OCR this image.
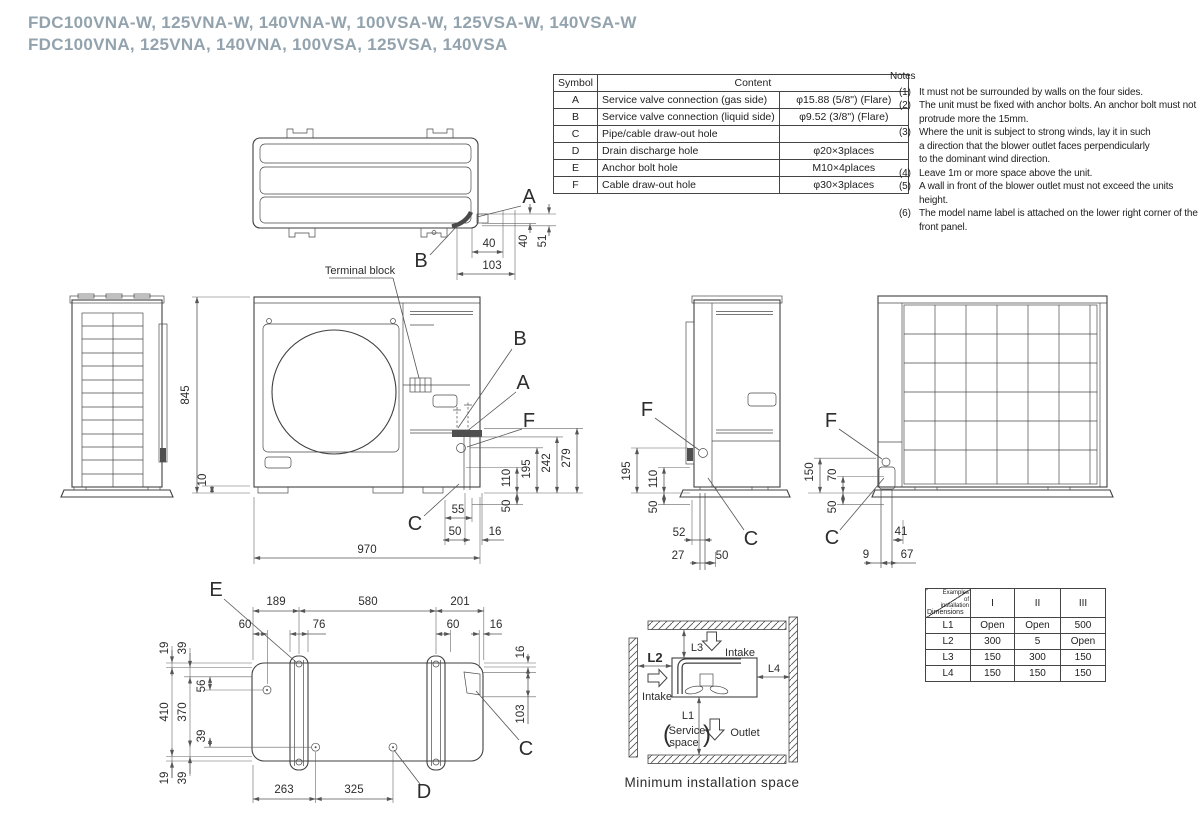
FDC100VNA-W, 125VNA-W, 140VNA-W, 100VSA-W, 125VSA-W, 140VSA-W
FDC100VNA, 125VNA, 140VNA, 100VSA, 125VSA, 140VSA
Symbol	Content	
A	Service valve connection (gas side)	φ15.88 (5/8") (Flare)
B	Service valve connection (liquid side)	φ9.52 (3/8") (Flare)
C	Pipe/cable draw-out hole	
D	Drain discharge hole	φ20×3places
E	Anchor bolt hole	M10×4places
F	Cable draw-out hole	φ30×3places
Notes
(1) It must not be surrounded by walls on the four sides.
(2) The unit must be fixed with anchor bolts. An anchor bolt must not
protrude more the 15mm.
(3) Where the unit is subject to strong winds, lay it in such
a direction that the blower outlet faces perpendicularly
to the dominant wind direction.
(4) Leave 1m or more space above the unit.
(5) A wall in front of the blower outlet must not exceed the units height.
(6) The model name label is attached on the lower right corner of the front panel.
A
B
40
103
40 51
Terminal block
B
A
F
C
845
10
970
110 195 242 279
50
55
50 16
F
C
195 110
50
52
27	50
F
C
150 70
50
41
9	67
E
D
C
189	580	201
60	76	60	16
19
410
19
39
370
39
56
39
263	325
16
103
L2
L3
L4
L1
Intake
Intake
Outlet
(
Service
space )
Minimum installation space
Examples of installation
Dimensions	I	II	III
L1	Open	Open	500
L2	300	5	Open
L3	150	300	150
L4	150	150	150
